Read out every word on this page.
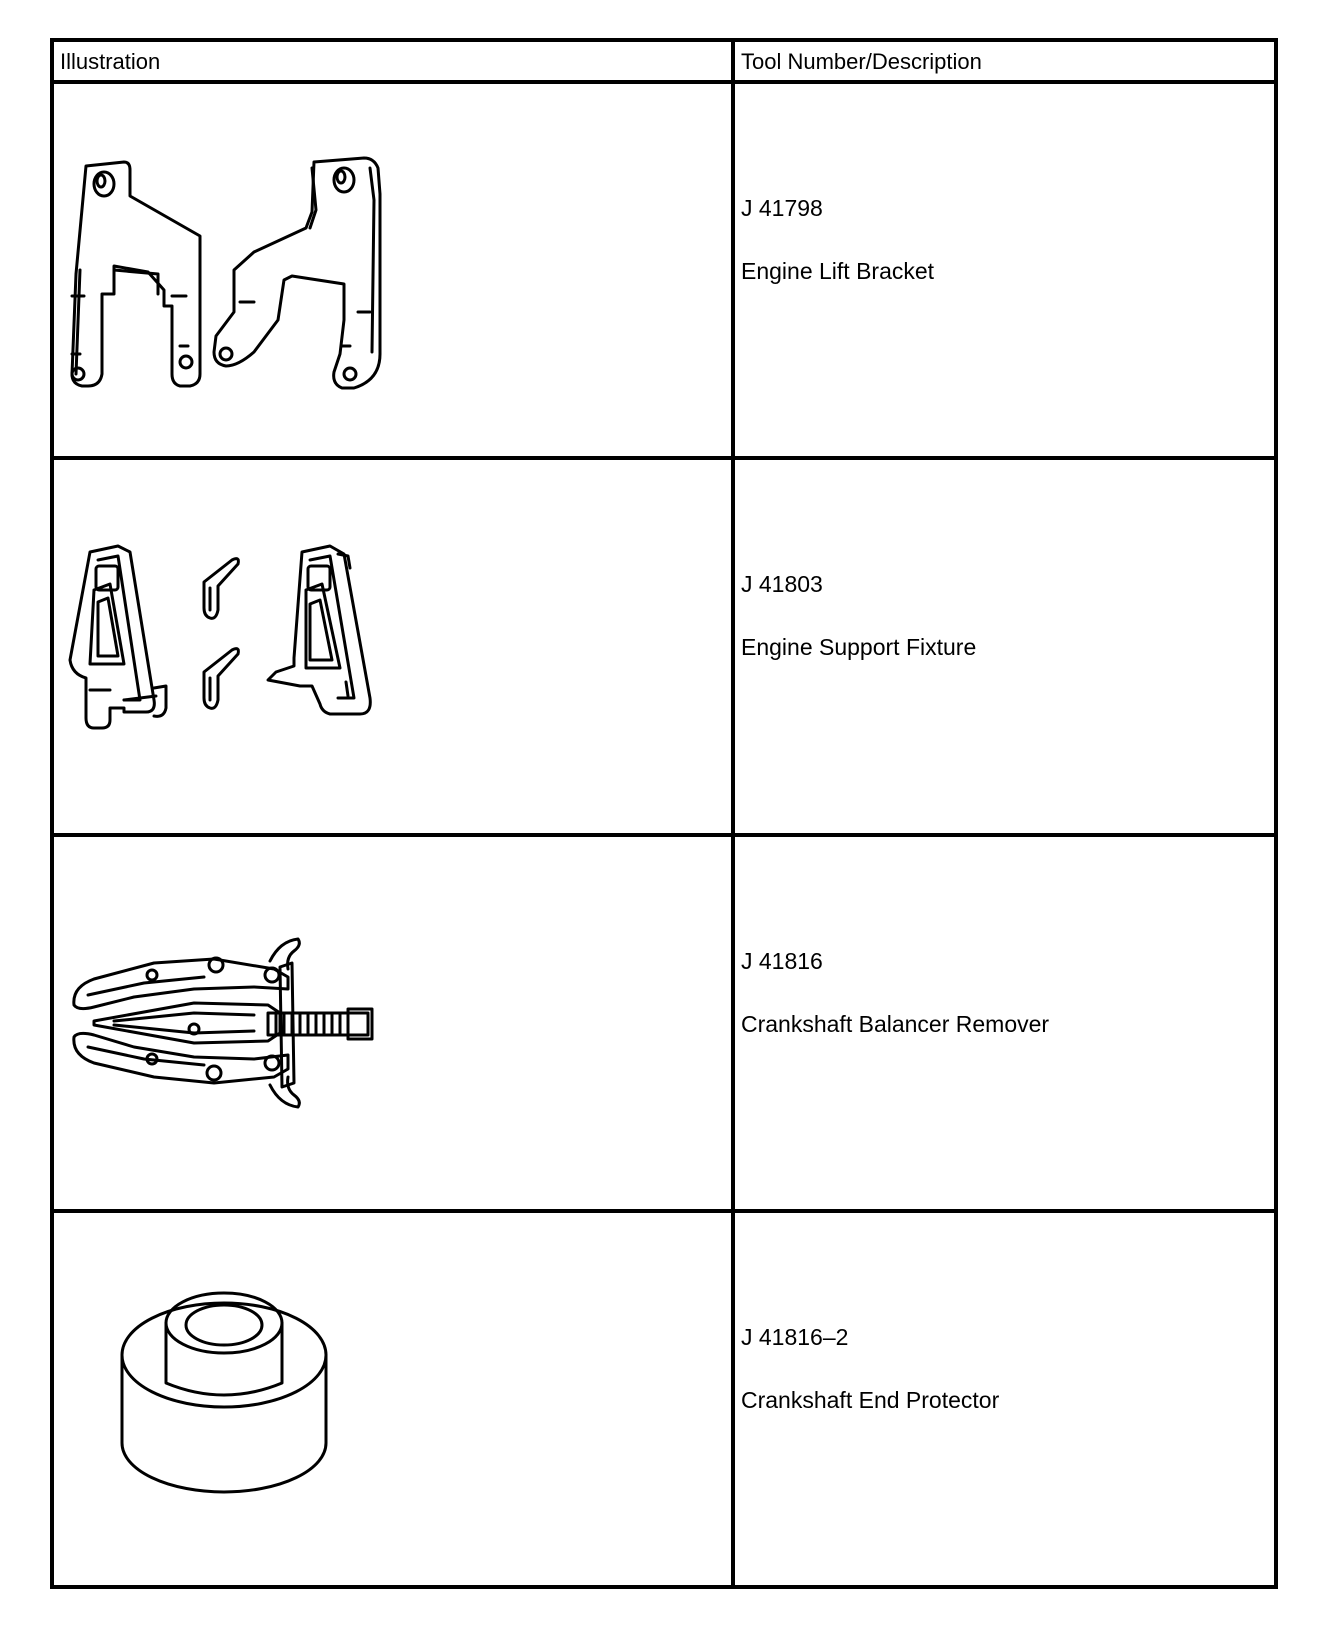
Illustration	Tool Number/Description

J 41798
Engine Lift Bracket

J 41803
Engine Support Fixture

J 41816
Crankshaft Balancer Remover

J 41816–2
Crankshaft End Protector
